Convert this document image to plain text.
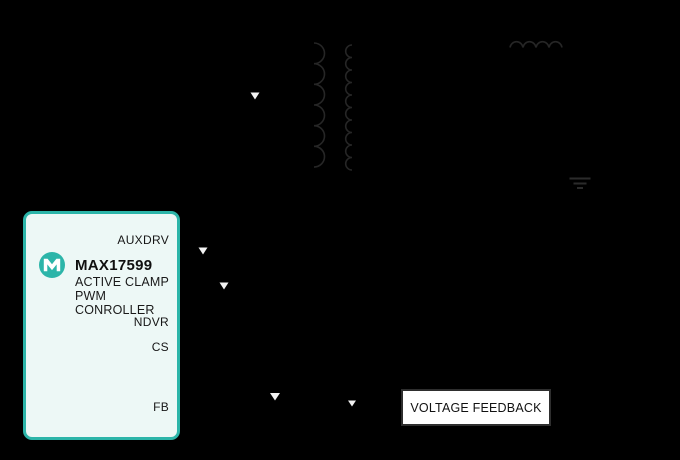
AUXDRV
NDVR
CS
FB
MAX17599
ACTIVE CLAMP
PWM CONROLLER
VOLTAGE FEEDBACK
